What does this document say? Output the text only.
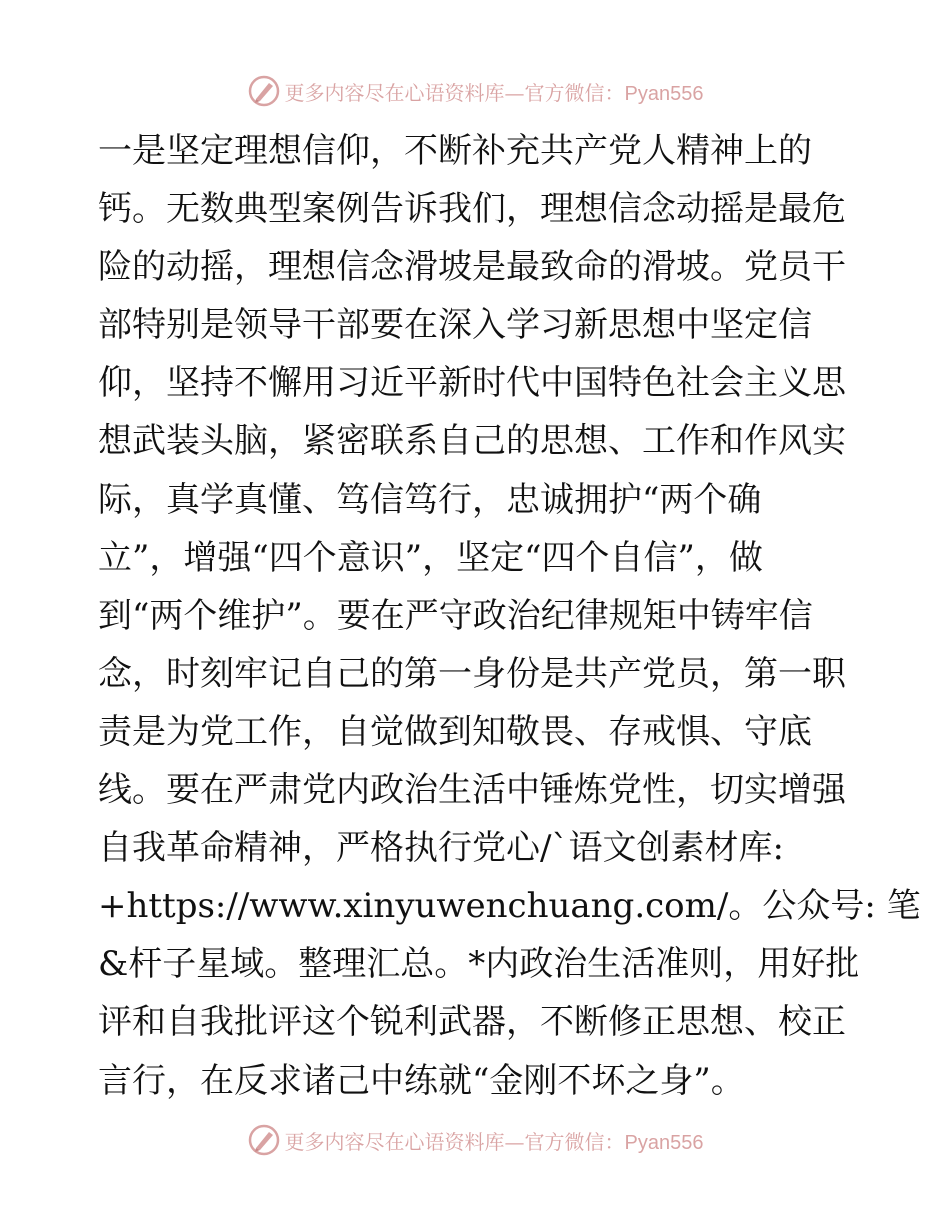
更多内容尽在心语资料库—官方微信：Pyan556
一是坚定理想信仰，不断补充共产党人精神上的
钙。无数典型案例告诉我们，理想信念动摇是最危
险的动摇，理想信念滑坡是最致命的滑坡。党员干
部特别是领导干部要在深入学习新思想中坚定信
仰，坚持不懈用习近平新时代中国特色社会主义思
想武装头脑，紧密联系自己的思想、工作和作风实
际，真学真懂、笃信笃行，忠诚拥护“两个确
立”，增强“四个意识”，坚定“四个自信”，做
到“两个维护”。要在严守政治纪律规矩中铸牢信
念，时刻牢记自己的第一身份是共产党员，第一职
责是为党工作，自觉做到知敬畏、存戒惧、守底
线。要在严肃党内政治生活中锤炼党性，切实增强
自我革命精神，严格执行党心/`语文创素材库:
+https://www.xinyuwenchuang.com/。公众号: 笔
&杆子星域。整理汇总。*内政治生活准则，用好批
评和自我批评这个锐利武器，不断修正思想、校正
言行，在反求诸己中练就“金刚不坏之身”。
更多内容尽在心语资料库—官方微信：Pyan556
